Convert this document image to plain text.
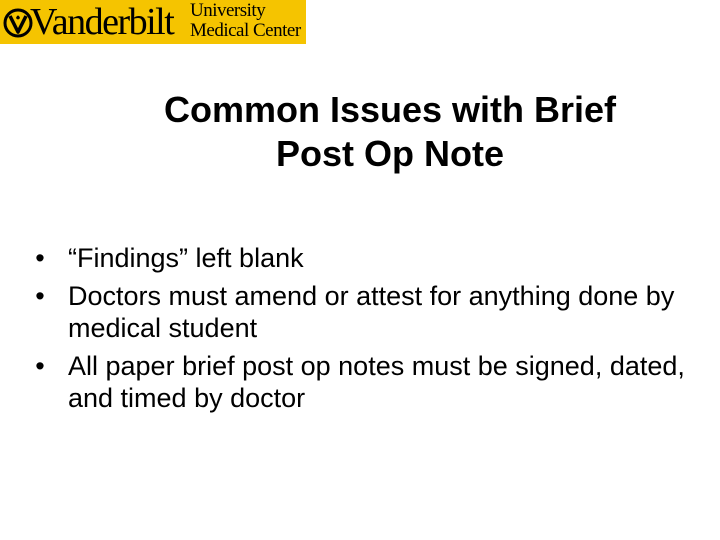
Vanderbilt University
Medical Center
Common Issues with Brief
Post Op Note
• “Findings” left blank
• Doctors must amend or attest for anything done by medical student
• All paper brief post op notes must be signed, dated, and timed by doctor
